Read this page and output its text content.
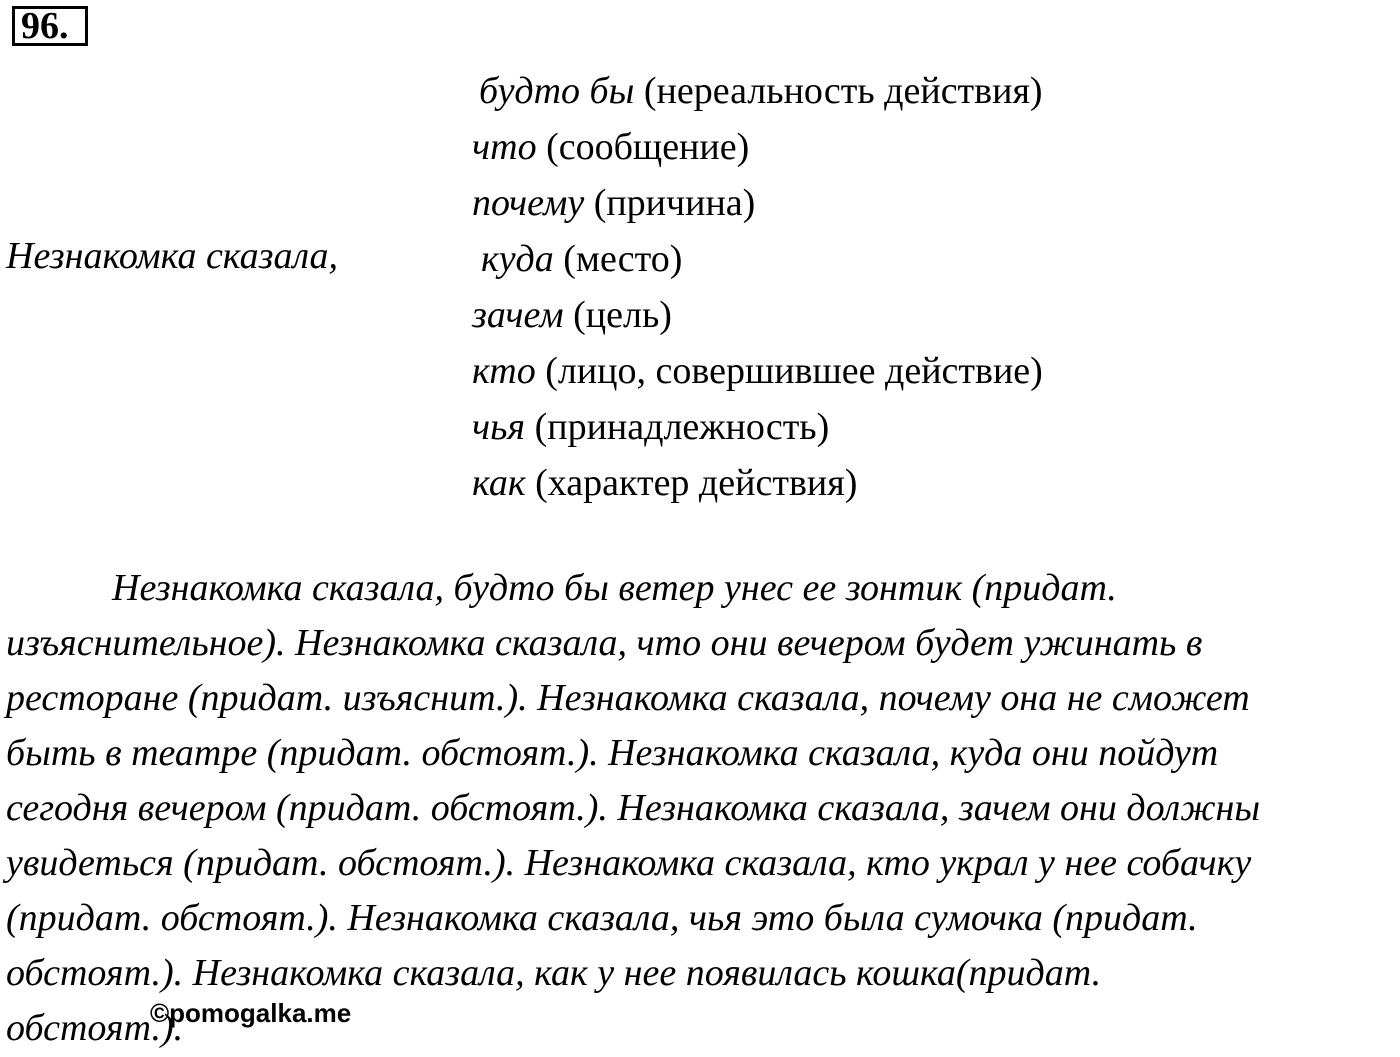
96.
Незнакомка сказала,
будто бы (нереальность действия)
что (сообщение)
почему (причина)
куда (место)
зачем (цель)
кто (лицо, совершившее действие)
чья (принадлежность)
как (характер действия)

Незнакомка сказала, будто бы ветер унес ее зонтик (придат.
изъяснительное). Незнакомка сказала, что они вечером будет ужинать в
ресторане (придат. изъяснит.). Незнакомка сказала, почему она не сможет
быть в театре (придат. обстоят.). Незнакомка сказала, куда они пойдут
сегодня вечером (придат. обстоят.). Незнакомка сказала, зачем они должны
увидеться (придат. обстоят.). Незнакомка сказала, кто украл у нее собачку
(придат. обстоят.). Незнакомка сказала, чья это была сумочка (придат.
обстоят.). Незнакомка сказала, как у нее появилась кошка(придат.
обстоят.).

©pomogalka.me
